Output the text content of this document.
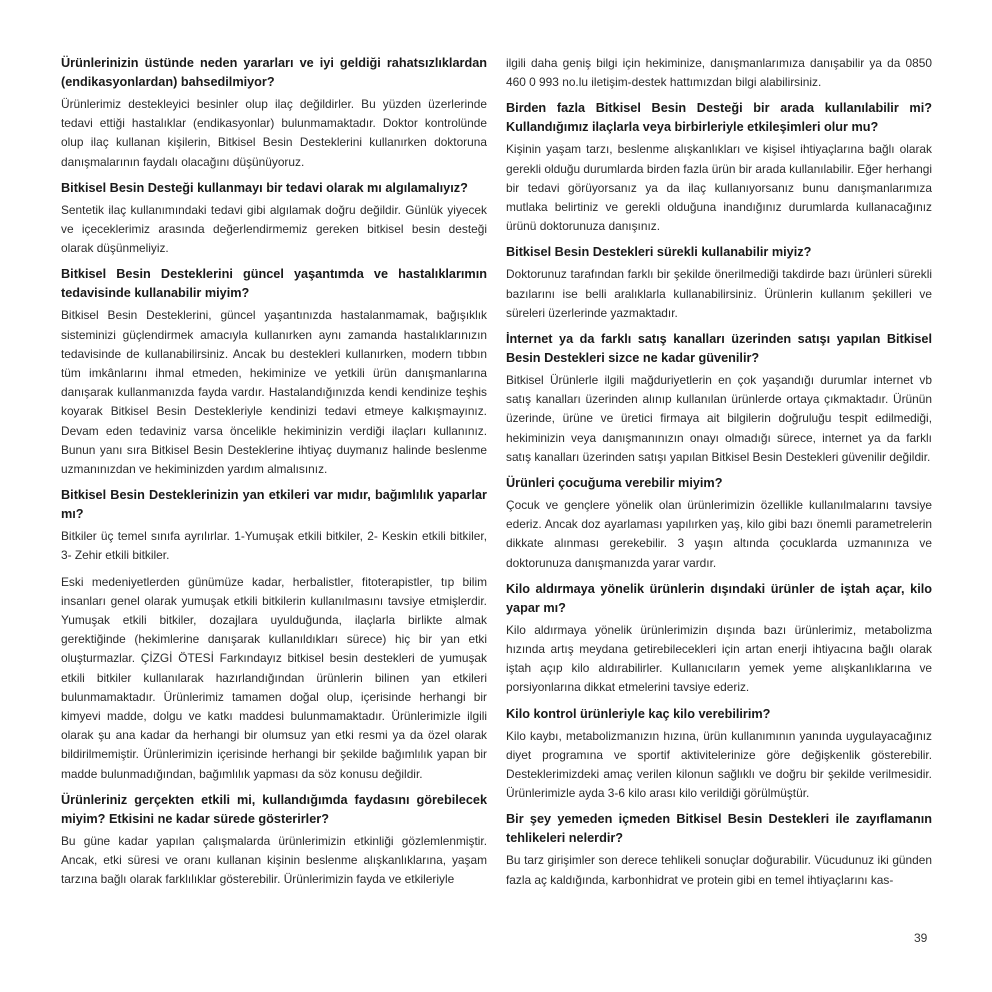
Ürünlerinizin üstünde neden yararları ve iyi geldiği rahatsızlıklardan (endikasyonlardan) bahsedilmiyor?

Ürünlerimiz destekleyici besinler olup ilaç değildirler. Bu yüzden üzerlerinde tedavi ettiği hastalıklar (endikasyonlar) bulunmamaktadır. Doktor kontrolünde olup ilaç kullanan kişilerin, Bitkisel Besin Desteklerini kullanırken doktoruna danışmalarının faydalı olacağını düşünüyoruz.

Bitkisel Besin Desteği kullanmayı bir tedavi olarak mı algılamalıyız?

Sentetik ilaç kullanımındaki tedavi gibi algılamak doğru değildir. Günlük yiyecek ve içeceklerimiz arasında değerlendirmemiz gereken bitkisel besin desteği olarak düşünmeliyiz.

Bitkisel Besin Desteklerini güncel yaşantımda ve hastalıklarımın tedavisinde kullanabilir miyim?

Bitkisel Besin Desteklerini, güncel yaşantınızda hastalanmamak, bağışıklık sisteminizi güçlendirmek amacıyla kullanırken aynı zamanda hastalıklarınızın tedavisinde de kullanabilirsiniz. Ancak bu destekleri kullanırken, modern tıbbın tüm imkânlarını ihmal etmeden, hekiminize ve yetkili ürün danışmanlarına danışarak kullanmanızda fayda vardır. Hastalandığınızda kendi kendinize teşhis koyarak Bitkisel Besin Destekleriyle kendinizi tedavi etmeye kalkışmayınız. Devam eden tedaviniz varsa öncelikle hekiminizin verdiği ilaçları kullanınız. Bunun yanı sıra Bitkisel Besin Desteklerine ihtiyaç duymanız halinde beslenme uzmanınızdan ve hekiminizden yardım almalısınız.

Bitkisel Besin Desteklerinizin yan etkileri var mıdır, bağımlılık yaparlar mı?

Bitkiler üç temel sınıfa ayrılırlar. 1-Yumuşak etkili bitkiler, 2- Keskin etkili bitkiler, 3- Zehir etkili bitkiler.

Eski medeniyetlerden günümüze kadar, herbalistler, fitoterapistler, tıp bilim insanları genel olarak yumuşak etkili bitkilerin kullanılmasını tavsiye etmişlerdir. Yumuşak etkili bitkiler, dozajlara uyulduğunda, ilaçlarla birlikte almak gerektiğinde (hekimlerine danışarak kullanıldıkları sürece) hiç bir yan etki oluşturmazlar. ÇİZGİ ÖTESİ Farkındayız bitkisel besin destekleri de yumuşak etkili bitkiler kullanılarak hazırlandığından ürünlerin bilinen yan etkileri bulunmamaktadır. Ürünlerimiz tamamen doğal olup, içerisinde herhangi bir kimyevi madde, dolgu ve katkı maddesi bulunmamaktadır. Ürünlerimizle ilgili olarak şu ana kadar da herhangi bir olumsuz yan etki resmi ya da özel olarak bildirilmemiştir. Ürünlerimizin içerisinde herhangi bir şekilde bağımlılık yapan bir madde bulunmadığından, bağımlılık yapması da söz konusu değildir.

Ürünleriniz gerçekten etkili mi, kullandığımda faydasını görebilecek miyim? Etkisini ne kadar sürede gösterirler?

Bu güne kadar yapılan çalışmalarda ürünlerimizin etkinliği gözlemlenmiştir. Ancak, etki süresi ve oranı kullanan kişinin beslenme alışkanlıklarına, yaşam tarzına bağlı olarak farklılıklar gösterebilir. Ürünlerimizin fayda ve etkileriyle

ilgili daha geniş bilgi için hekiminize, danışmanlarımıza danışabilir ya da 0850 460 0 993 no.lu iletişim-destek hattımızdan bilgi alabilirsiniz.

Birden fazla Bitkisel Besin Desteği bir arada kullanılabilir mi? Kullandığımız ilaçlarla veya birbirleriyle etkileşimleri olur mu?

Kişinin yaşam tarzı, beslenme alışkanlıkları ve kişisel ihtiyaçlarına bağlı olarak gerekli olduğu durumlarda birden fazla ürün bir arada kullanılabilir. Eğer herhangi bir tedavi görüyorsanız ya da ilaç kullanıyorsanız bunu danışmanlarımıza mutlaka belirtiniz ve gerekli olduğuna inandığınız durumlarda kullanacağınız ürünü doktorunuza danışınız.

Bitkisel Besin Destekleri sürekli kullanabilir miyiz?

Doktorunuz tarafından farklı bir şekilde önerilmediği takdirde bazı ürünleri sürekli bazılarını ise belli aralıklarla kullanabilirsiniz. Ürünlerin kullanım şekilleri ve süreleri üzerlerinde yazmaktadır.

İnternet ya da farklı satış kanalları üzerinden satışı yapılan Bitkisel Besin Destekleri sizce ne kadar güvenilir?

Bitkisel Ürünlerle ilgili mağduriyetlerin en çok yaşandığı durumlar internet vb satış kanalları üzerinden alınıp kullanılan ürünlerde ortaya çıkmaktadır. Ürünün üzerinde, ürüne ve üretici firmaya ait bilgilerin doğruluğu tespit edilmediği, hekiminizin veya danışmanınızın onayı olmadığı sürece, internet ya da farklı satış kanalları üzerinden satışı yapılan Bitkisel Besin Destekleri güvenilir değildir.

Ürünleri çocuğuma verebilir miyim?

Çocuk ve gençlere yönelik olan ürünlerimizin özellikle kullanılmalarını tavsiye ederiz. Ancak doz ayarlaması yapılırken yaş, kilo gibi bazı önemli parametrelerin dikkate alınması gerekebilir. 3 yaşın altında çocuklarda uzmanınıza ve doktorunuza danışmanızda yarar vardır.

Kilo aldırmaya yönelik ürünlerin dışındaki ürünler de iştah açar, kilo yapar mı?

Kilo aldırmaya yönelik ürünlerimizin dışında bazı ürünlerimiz, metabolizma hızında artış meydana getirebilecekleri için artan enerji ihtiyacına bağlı olarak iştah açıp kilo aldırabilirler. Kullanıcıların yemek yeme alışkanlıklarına ve porsiyonlarına dikkat etmelerini tavsiye ederiz.

Kilo kontrol ürünleriyle kaç kilo verebilirim?

Kilo kaybı, metabolizmanızın hızına, ürün kullanımının yanında uygulayacağınız diyet programına ve sportif aktivitelerinize göre değişkenlik gösterebilir. Desteklerimizdeki amaç verilen kilonun sağlıklı ve doğru bir şekilde verilmesidir. Ürünlerimizle ayda 3-6 kilo arası kilo verildiği görülmüştür.

Bir şey yemeden içmeden Bitkisel Besin Destekleri ile zayıflamanın tehlikeleri nelerdir?

Bu tarz girişimler son derece tehlikeli sonuçlar doğurabilir. Vücudunuz iki günden fazla aç kaldığında, karbonhidrat ve protein gibi en temel ihtiyaçlarını kas-

39
